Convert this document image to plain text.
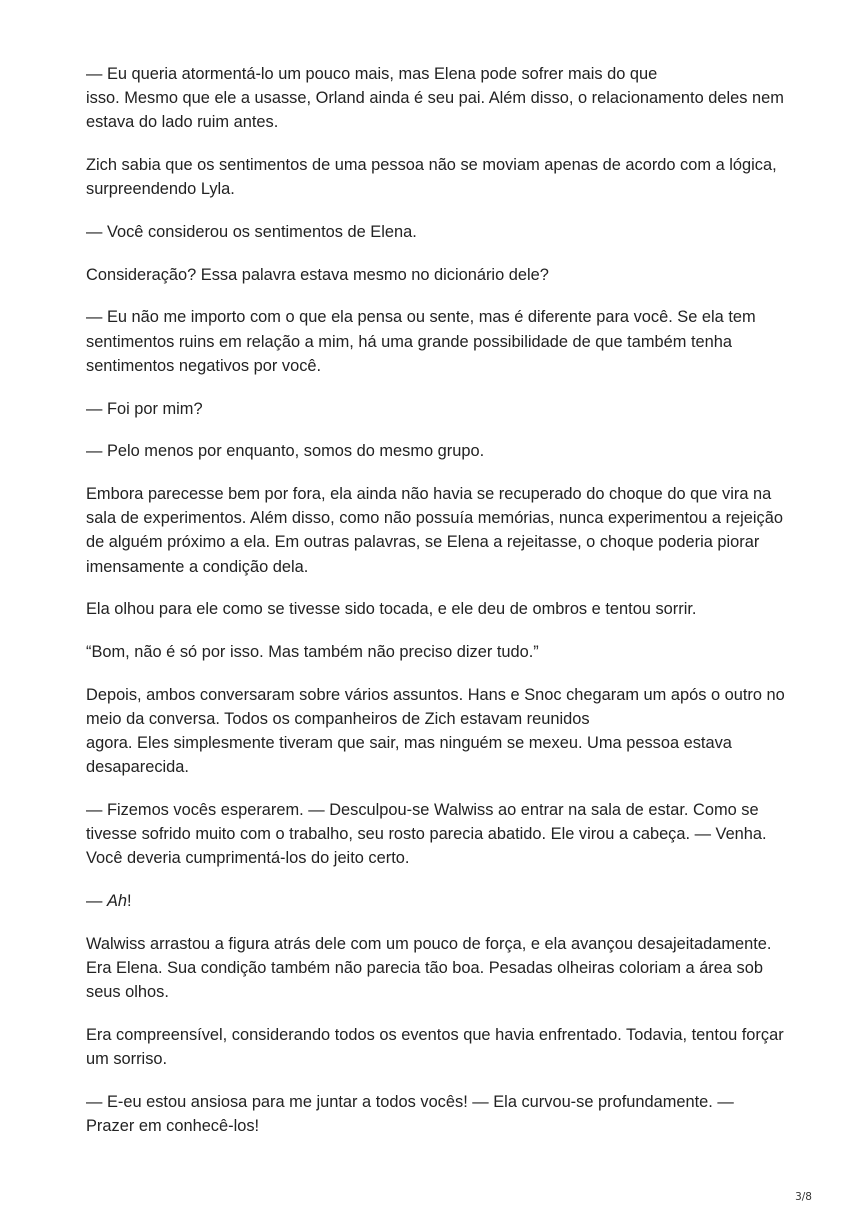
— Eu queria atormentá-lo um pouco mais, mas Elena pode sofrer mais do que
isso. Mesmo que ele a usasse, Orland ainda é seu pai. Além disso, o relacionamento deles nem estava do lado ruim antes.

Zich sabia que os sentimentos de uma pessoa não se moviam apenas de acordo com a lógica, surpreendendo Lyla.

— Você considerou os sentimentos de Elena.

Consideração? Essa palavra estava mesmo no dicionário dele?

— Eu não me importo com o que ela pensa ou sente, mas é diferente para você. Se ela tem sentimentos ruins em relação a mim, há uma grande possibilidade de que também tenha sentimentos negativos por você.

— Foi por mim?

— Pelo menos por enquanto, somos do mesmo grupo.

Embora parecesse bem por fora, ela ainda não havia se recuperado do choque do que vira na sala de experimentos. Além disso, como não possuía memórias, nunca experimentou a rejeição de alguém próximo a ela. Em outras palavras, se Elena a rejeitasse, o choque poderia piorar imensamente a condição dela.

Ela olhou para ele como se tivesse sido tocada, e ele deu de ombros e tentou sorrir.

“Bom, não é só por isso. Mas também não preciso dizer tudo.”

Depois, ambos conversaram sobre vários assuntos. Hans e Snoc chegaram um após o outro no meio da conversa. Todos os companheiros de Zich estavam reunidos
agora. Eles simplesmente tiveram que sair, mas ninguém se mexeu. Uma pessoa estava desaparecida.

— Fizemos vocês esperarem. — Desculpou-se Walwiss ao entrar na sala de estar. Como se tivesse sofrido muito com o trabalho, seu rosto parecia abatido. Ele virou a cabeça. — Venha. Você deveria cumprimentá-los do jeito certo.

— Ah!

Walwiss arrastou a figura atrás dele com um pouco de força, e ela avançou desajeitadamente. Era Elena. Sua condição também não parecia tão boa. Pesadas olheiras coloriam a área sob seus olhos.

Era compreensível, considerando todos os eventos que havia enfrentado. Todavia, tentou forçar um sorriso.

— E-eu estou ansiosa para me juntar a todos vocês! — Ela curvou-se profundamente. — Prazer em conhecê-los!

3/8
